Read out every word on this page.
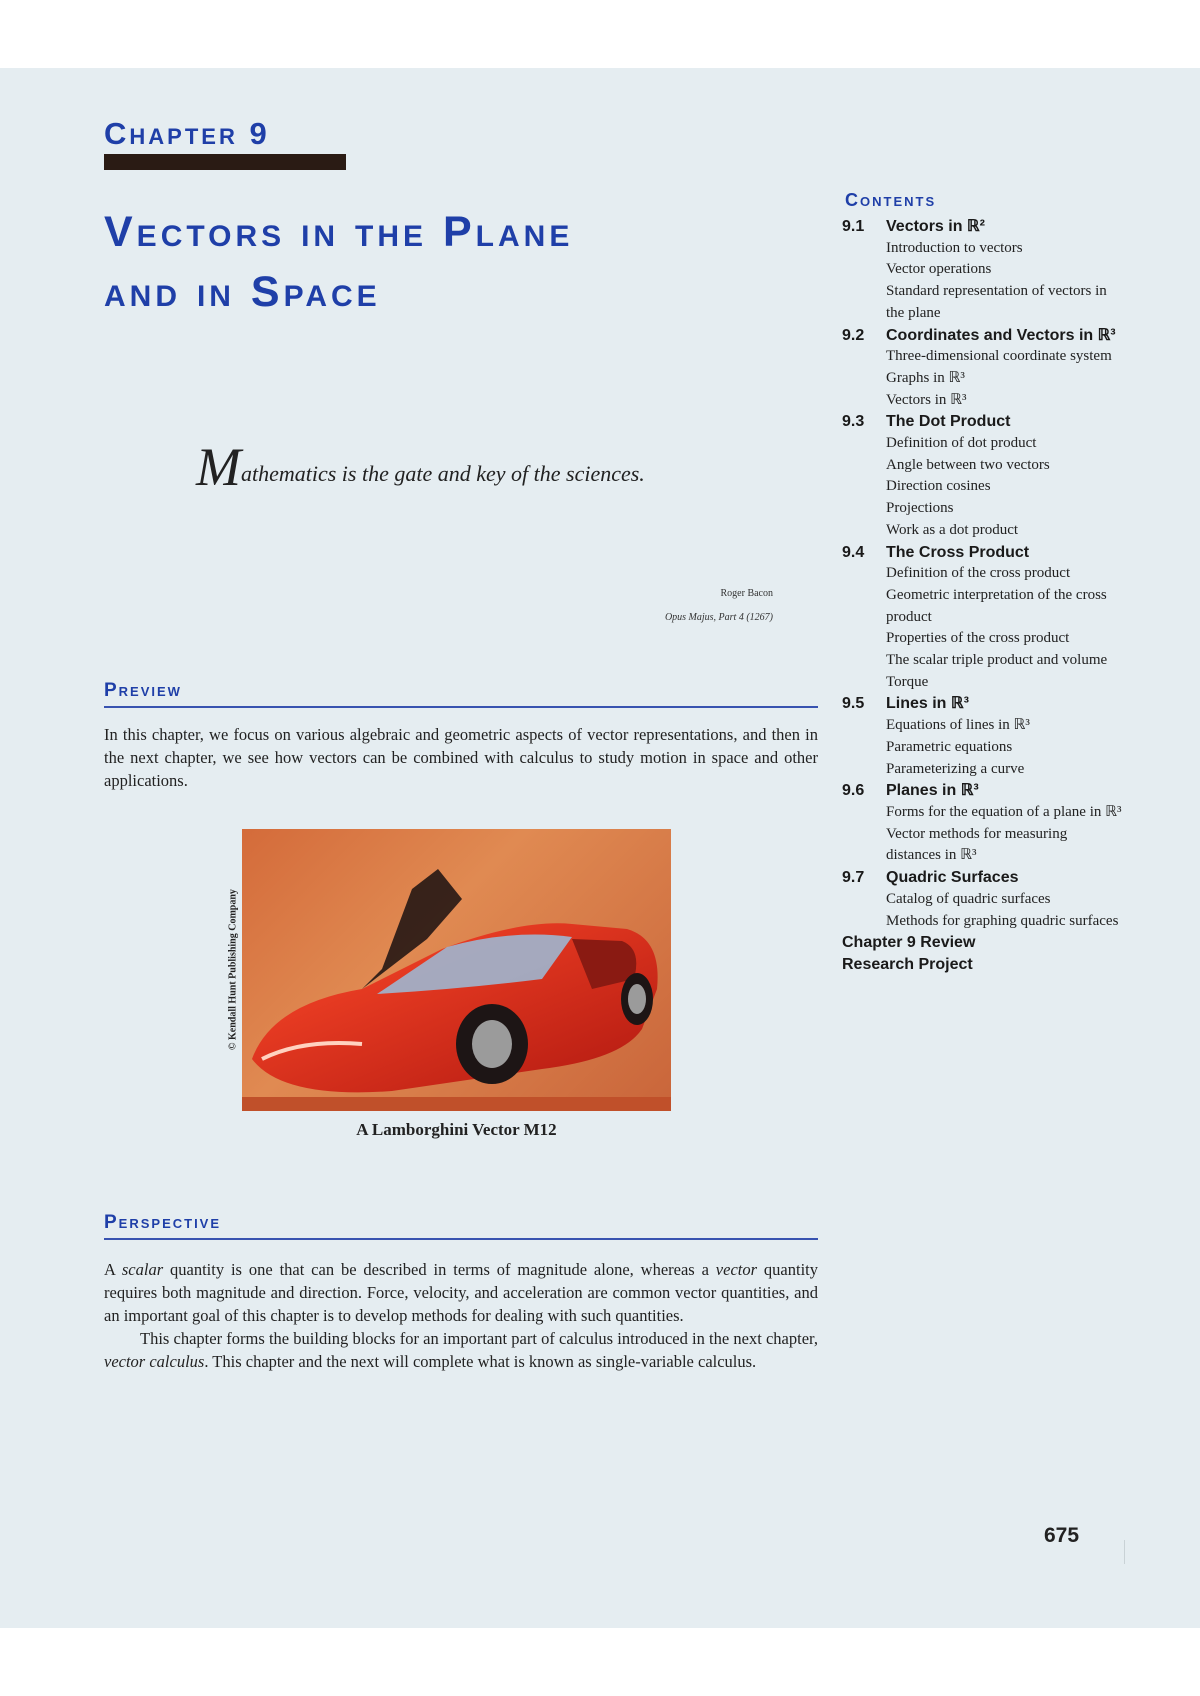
Chapter 9
Vectors in the Plane
and in Space
Mathematics is the gate and key of the sciences.
Roger Bacon
Opus Majus, Part 4 (1267)
Preview

In this chapter, we focus on various algebraic and geometric aspects of vector representations, and then in the next chapter, we see how vectors can be combined with calculus to study motion in space and other applications.

© Kendall Hunt Publishing Company
A Lamborghini Vector M12
Perspective

A scalar quantity is one that can be described in terms of magnitude alone, whereas a vector quantity requires both magnitude and direction. Force, velocity, and acceleration are common vector quantities, and an important goal of this chapter is to develop methods for dealing with such quantities.

This chapter forms the building blocks for an important part of calculus introduced in the next chapter, vector calculus. This chapter and the next will complete what is known as single-variable calculus.

Contents
9.1	Vectors in ℝ²
Introduction to vectors
Vector operations
Standard representation of vectors in the plane
9.2	Coordinates and Vectors in ℝ³
Three-dimensional coordinate system
Graphs in ℝ³
Vectors in ℝ³
9.3	The Dot Product
Definition of dot product
Angle between two vectors
Direction cosines
Projections
Work as a dot product
9.4	The Cross Product
Definition of the cross product
Geometric interpretation of the cross product
Properties of the cross product
The scalar triple product and volume
Torque
9.5	Lines in ℝ³
Equations of lines in ℝ³
Parametric equations
Parameterizing a curve
9.6	Planes in ℝ³
Forms for the equation of a plane in ℝ³
Vector methods for measuring distances in ℝ³
9.7	Quadric Surfaces
Catalog of quadric surfaces
Methods for graphing quadric surfaces
Chapter 9 Review
Research Project
675
